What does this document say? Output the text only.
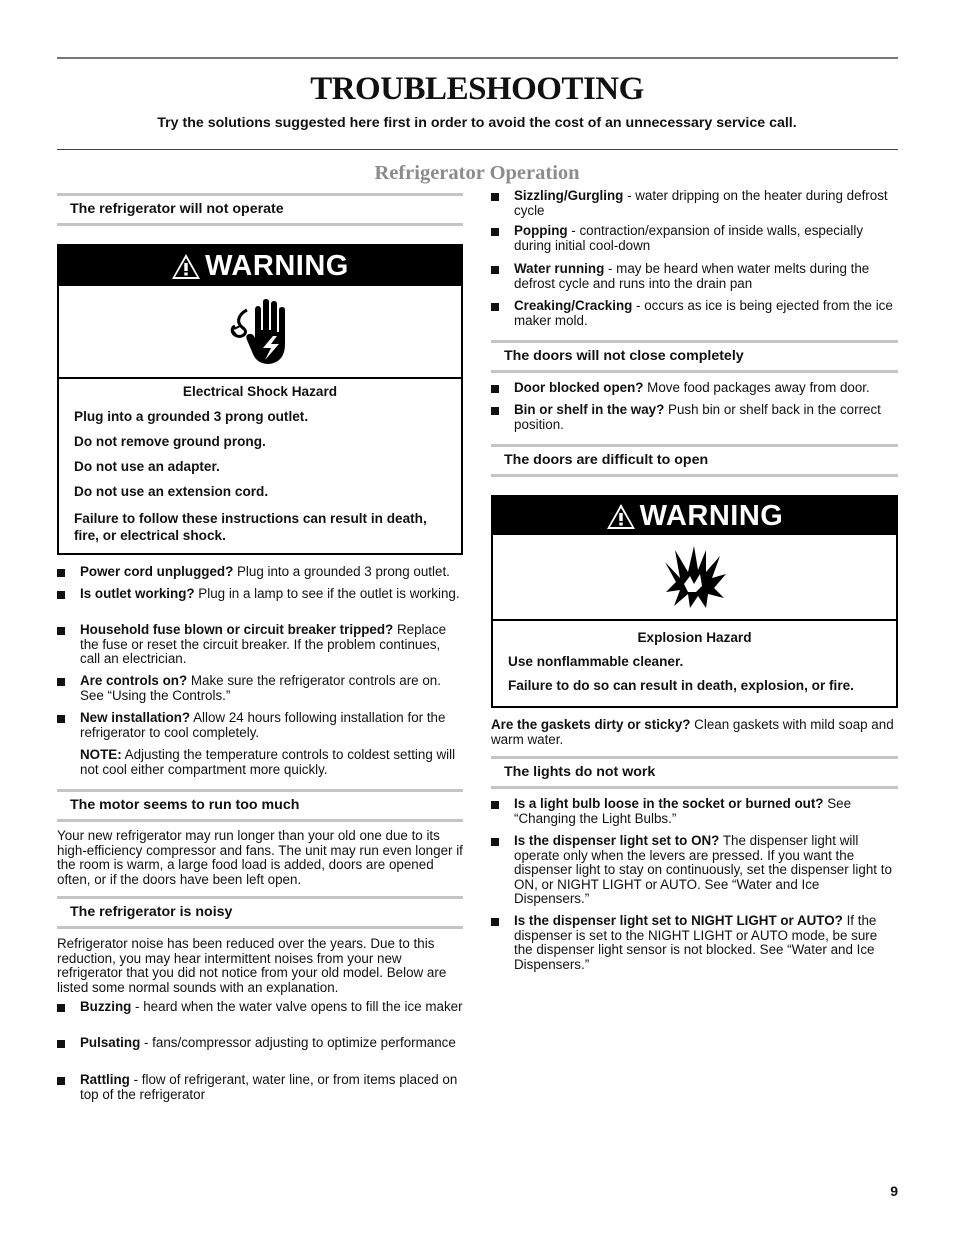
TROUBLESHOOTING
Try the solutions suggested here first in order to avoid the cost of an unnecessary service call.
Refrigerator Operation
The refrigerator will not operate
WARNING

Electrical Shock Hazard

Plug into a grounded 3 prong outlet.

Do not remove ground prong.

Do not use an adapter.

Do not use an extension cord.

Failure to follow these instructions can result in death, fire, or electrical shock.

Power cord unplugged? Plug into a grounded 3 prong outlet.
Is outlet working? Plug in a lamp to see if the outlet is working.
Household fuse blown or circuit breaker tripped? Replace the fuse or reset the circuit breaker. If the problem continues, call an electrician.
Are controls on? Make sure the refrigerator controls are on. See “Using the Controls.”
New installation? Allow 24 hours following installation for the refrigerator to cool completely.
NOTE: Adjusting the temperature controls to coldest setting will not cool either compartment more quickly.
The motor seems to run too much
Your new refrigerator may run longer than your old one due to its high-efficiency compressor and fans. The unit may run even longer if the room is warm, a large food load is added, doors are opened often, or if the doors have been left open.
The refrigerator is noisy
Refrigerator noise has been reduced over the years. Due to this reduction, you may hear intermittent noises from your new refrigerator that you did not notice from your old model. Below are listed some normal sounds with an explanation.
Buzzing - heard when the water valve opens to fill the ice maker
Pulsating - fans/compressor adjusting to optimize performance
Rattling - flow of refrigerant, water line, or from items placed on top of the refrigerator
Sizzling/Gurgling - water dripping on the heater during defrost cycle
Popping - contraction/expansion of inside walls, especially during initial cool-down
Water running - may be heard when water melts during the defrost cycle and runs into the drain pan
Creaking/Cracking - occurs as ice is being ejected from the ice maker mold.
The doors will not close completely
Door blocked open? Move food packages away from door.
Bin or shelf in the way? Push bin or shelf back in the correct position.
The doors are difficult to open
WARNING

Explosion Hazard

Use nonflammable cleaner.

Failure to do so can result in death, explosion, or fire.

Are the gaskets dirty or sticky? Clean gaskets with mild soap and warm water.
The lights do not work
Is a light bulb loose in the socket or burned out? See “Changing the Light Bulbs.”
Is the dispenser light set to ON? The dispenser light will operate only when the levers are pressed. If you want the dispenser light to stay on continuously, set the dispenser light to ON, or NIGHT LIGHT or AUTO. See “Water and Ice Dispensers.”
Is the dispenser light set to NIGHT LIGHT or AUTO? If the dispenser is set to the NIGHT LIGHT or AUTO mode, be sure the dispenser light sensor is not blocked. See “Water and Ice Dispensers.”
9
